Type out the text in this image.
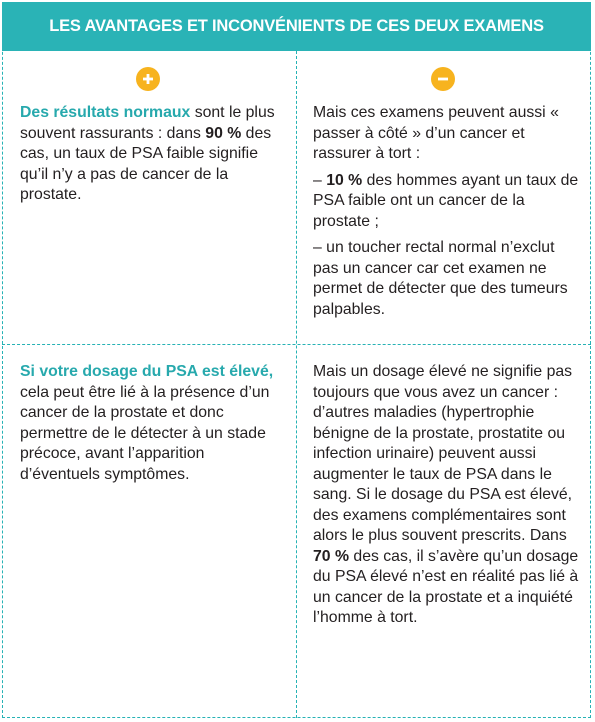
LES AVANTAGES ET INCONVÉNIENTS DE CES DEUX EXAMENS

Des résultats normaux sont le plus souvent rassurants : dans 90 % des cas, un taux de PSA faible signifie qu’il n’y a pas de cancer de la prostate.

Mais ces examens peuvent aussi « passer à côté » d’un cancer et rassurer à tort :

– 10 % des hommes ayant un taux de PSA faible ont un cancer de la prostate ;

– un toucher rectal normal n’exclut pas un cancer car cet examen ne permet de détecter que des tumeurs palpables.

Si votre dosage du PSA est élevé, cela peut être lié à la présence d’un cancer de la prostate et donc permettre de le détecter à un stade précoce, avant l’apparition d’éventuels symptômes.

Mais un dosage élevé ne signifie pas toujours que vous avez un cancer : d’autres maladies (hypertrophie bénigne de la prostate, prostatite ou infection urinaire) peuvent aussi augmenter le taux de PSA dans le sang. Si le dosage du PSA est élevé, des examens complémentaires sont alors le plus souvent prescrits. Dans 70 % des cas, il s’avère qu’un dosage du PSA élevé n’est en réalité pas lié à un cancer de la prostate et a inquiété l’homme à tort.
